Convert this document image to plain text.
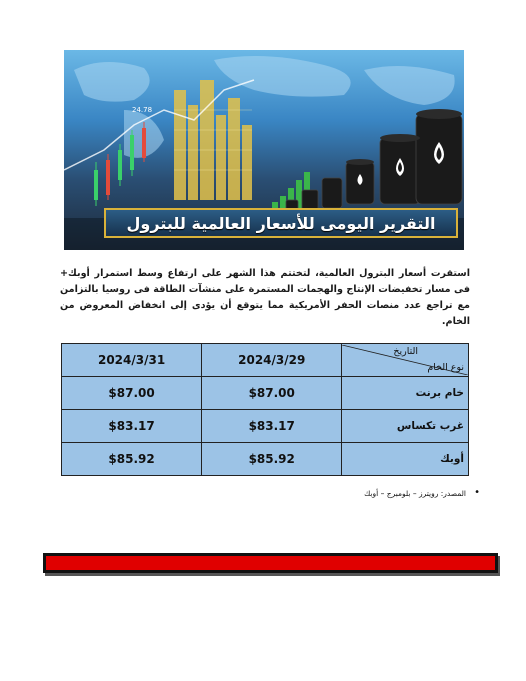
24.78
التقرير اليومى للأسعار العالمية للبترول
استقرت أسعار البترول العالمية، لتختتم هذا الشهر على ارتفاع وسط استمرار أوبك+ فى مسار تخفيضات الإنتاج والهجمات المستمرة على منشآت الطاقة فى روسيا بالتزامن مع تراجع عدد منصات الحفر الأمريكية مما يتوقع أن يؤدى إلى انخفاض المعروض من الخام.
2024/3/31	2024/3/29	التاريخ
نوع الخام

$87.00	$87.00	خام برنت
$83.17	$83.17	غرب تكساس
$85.92	$85.92	أوبك
•
المصدر: رويترز – بلومبرج – أوبك
